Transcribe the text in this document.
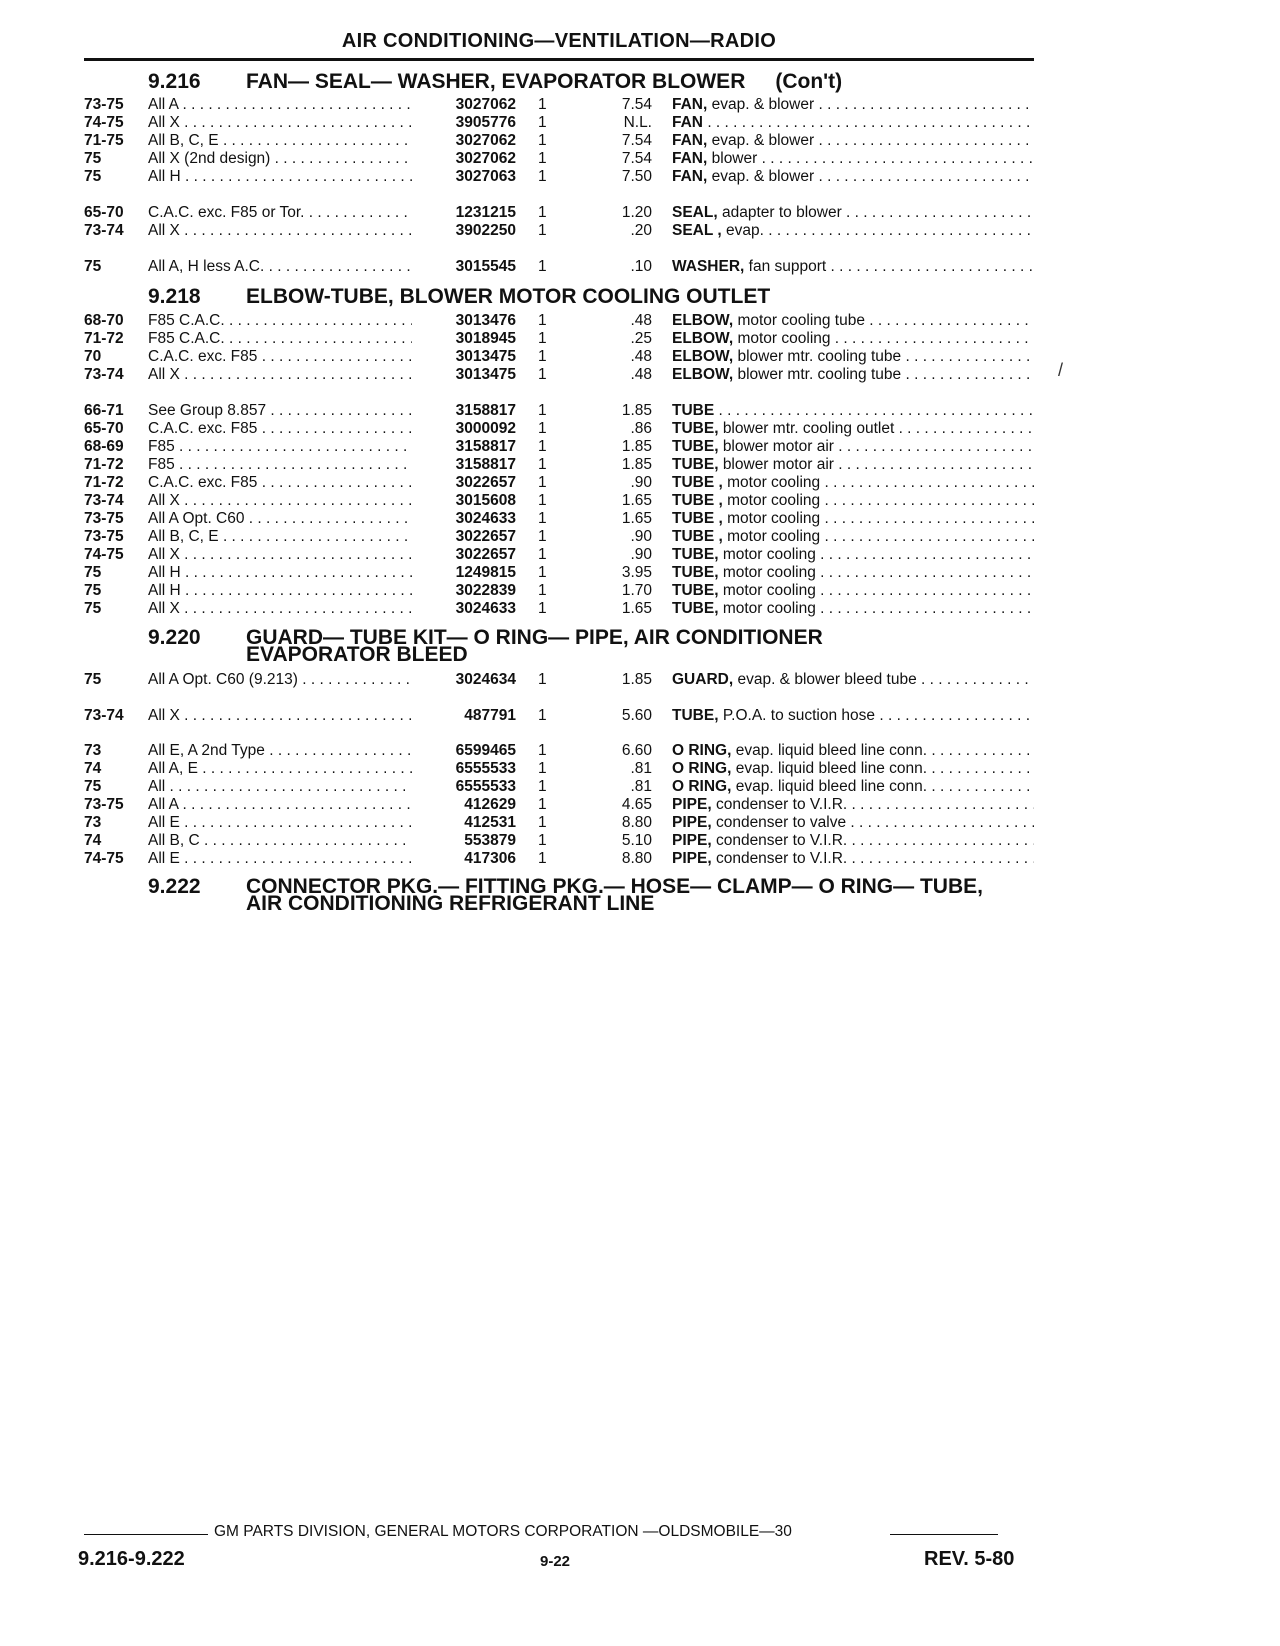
AIR CONDITIONING—VENTILATION—RADIO
9.216 FAN— SEAL— WASHER, EVAPORATOR BLOWER (Con't)
9.218 ELBOW-TUBE, BLOWER MOTOR COOLING OUTLET
9.220 GUARD— TUBE KIT— O RING— PIPE, AIR CONDITIONER
EVAPORATOR BLEED
9.222 CONNECTOR PKG.— FITTING PKG.— HOSE— CLAMP— O RING— TUBE,
AIR CONDITIONING REFRIGERANT LINE
73-75 All A . . .	3027062 1	7.54 FAN, evap. & blower . . .
74-75 All X . . .	3905776 1	N.L. FAN . . .
71-75 All B, C, E . . .	3027062 1	7.54 FAN, evap. & blower . . .
75	All X (2nd design) . . .	3027062 1	7.54 FAN, blower . . .
75	All H . . .	3027063 1	7.50 FAN, evap. & blower . . .
65-70 C.A.C. exc. F85 or Tor. . . .	1231215 1	1.20 SEAL, adapter to blower . . .
73-74 All X . . .	3902250 1	.20 SEAL , evap. . . .
75	All A, H less A.C. . . .	3015545 1	.10 WASHER, fan support . . .
68-70 F85 C.A.C. . . .	3013476 1	.48 ELBOW, motor cooling tube . . .
71-72 F85 C.A.C. . . .	3018945 1	.25 ELBOW, motor cooling . . .
70	C.A.C. exc. F85 . . .	3013475 1	.48 ELBOW, blower mtr. cooling tube . . .
73-74 All X . . .	3013475 1	.48 ELBOW, blower mtr. cooling tube . . .
66-71 See Group 8.857 . . .	3158817 1	1.85 TUBE . . .
65-70 C.A.C. exc. F85 . . .	3000092 1	.86 TUBE, blower mtr. cooling outlet . . .
68-69 F85 . . .	3158817 1	1.85 TUBE, blower motor air . . .
71-72 F85 . . .	3158817 1	1.85 TUBE, blower motor air . . .
71-72 C.A.C. exc. F85 . . .	3022657 1	.90 TUBE , motor cooling . . .
73-74 All X . . .	3015608 1	1.65 TUBE , motor cooling . . .
73-75 All A Opt. C60 . . .	3024633 1	1.65 TUBE , motor cooling . . .
73-75 All B, C, E . . .	3022657 1	.90 TUBE , motor cooling . . .
74-75 All X . . .	3022657 1	.90 TUBE, motor cooling . . .
75	All H . . .	1249815 1	3.95 TUBE, motor cooling . . .
75	All H . . .	3022839 1	1.70 TUBE, motor cooling . . .
75	All X . . .	3024633 1	1.65 TUBE, motor cooling . . .
75	All A Opt. C60 (9.213) . . .	3024634 1	1.85 GUARD, evap. & blower bleed tube . . .
73-74 All X . . .	487791 1	5.60 TUBE, P.O.A. to suction hose . . .
73	All E, A 2nd Type . . .	6599465 1	6.60 O RING, evap. liquid bleed line conn. . . .
74	All A, E . . .	6555533 1	.81 O RING, evap. liquid bleed line conn. . . .
75	All . . .	6555533 1	.81 O RING, evap. liquid bleed line conn. . . .
73-75 All A . . .	412629 1	4.65 PIPE, condenser to V.I.R. . . .
73	All E . . .	412531 1	8.80 PIPE, condenser to valve . . .
74	All B, C . . .	553879 1	5.10 PIPE, condenser to V.I.R. . . .
74-75 All E . . .	417306 1	8.80 PIPE, condenser to V.I.R. . . .
/
GM PARTS DIVISION, GENERAL MOTORS CORPORATION —OLDSMOBILE—30
9.216-9.222	9-22	REV. 5-80
